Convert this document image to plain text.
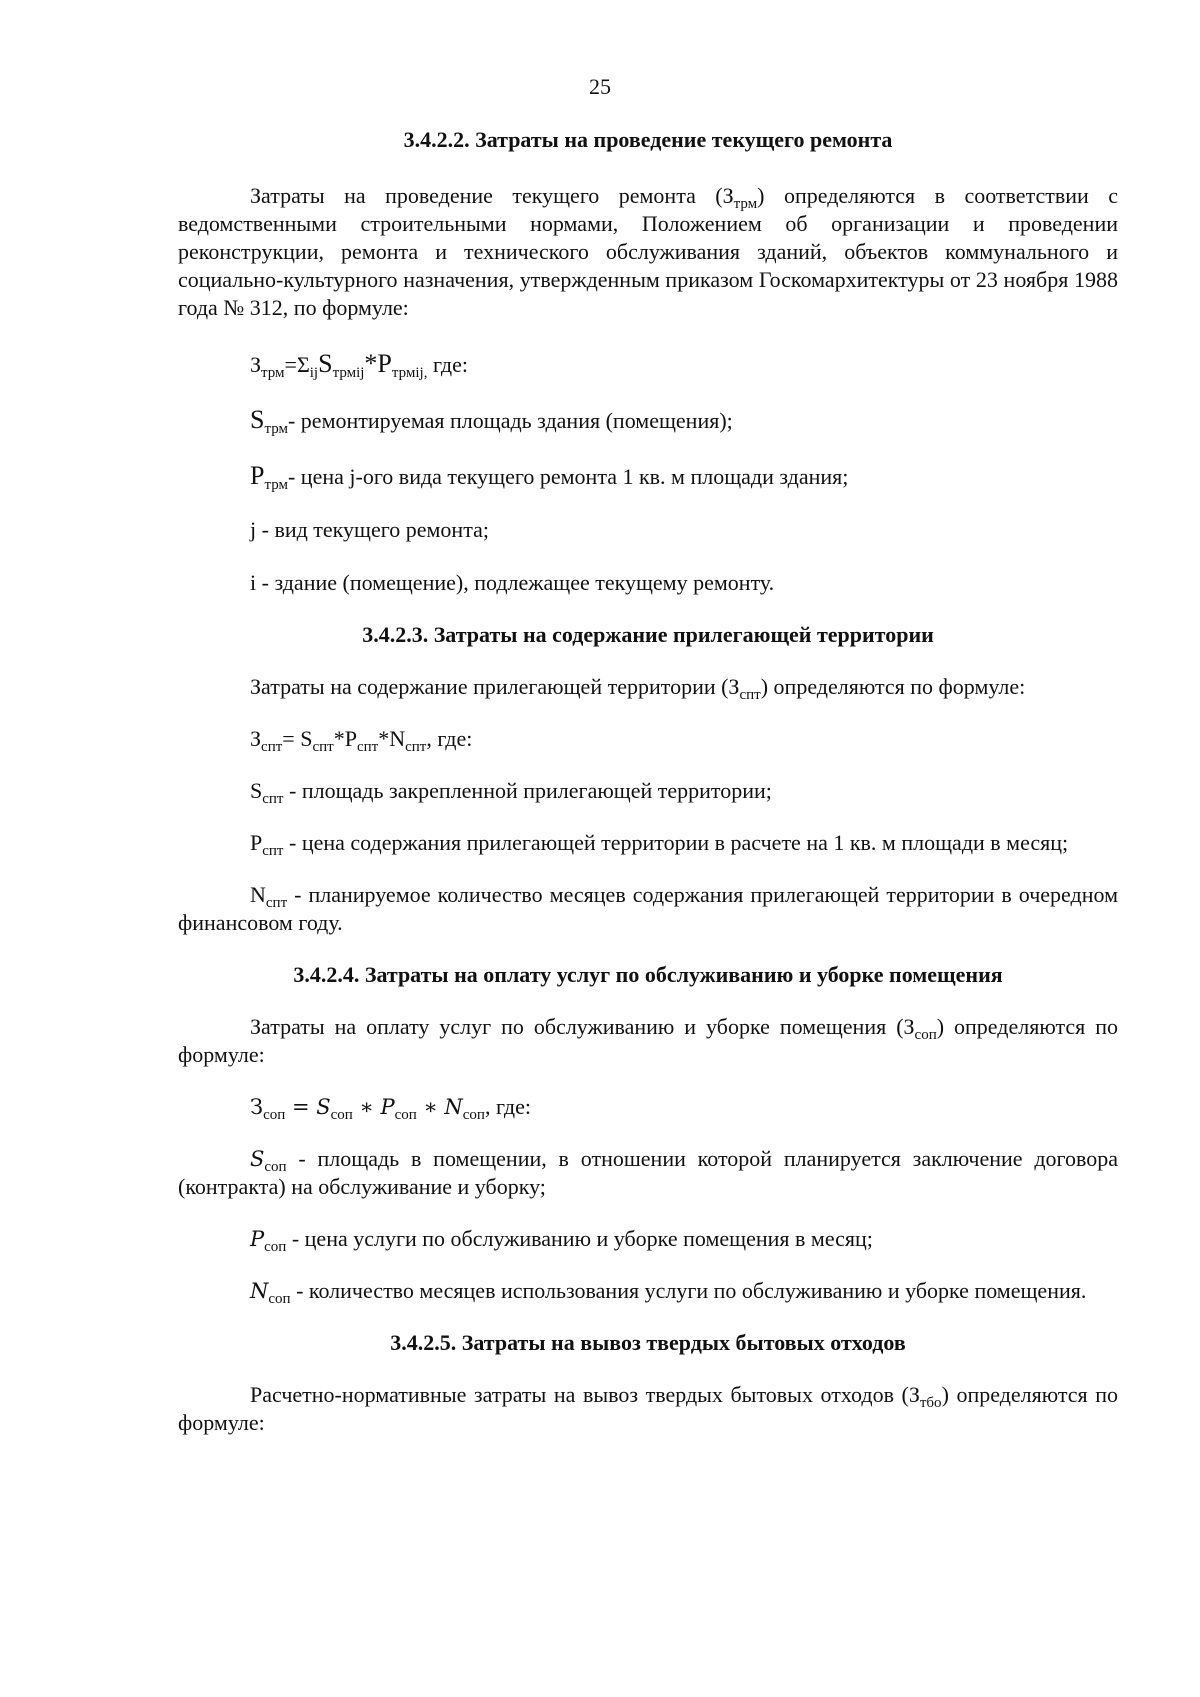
25

3.4.2.2. Затраты на проведение текущего ремонта

Затраты на проведение текущего ремонта $(З_{трм})$ определяются в соответствии с ведомственными строительными нормами, Положением об организации и проведении реконструкции, ремонта и технического обслуживания зданий, объектов коммунального и социально-культурного назначения, утвержденным приказом Госкомархитектуры от 23 ноября 1988 года № 312, по формуле:

$З_{трм}=\Sigma_{ij}S_{трмij}*P_{трмij,}$ где:

$S_{трм}-$ ремонтируемая площадь здания (помещения);

$P_{трм}-$ цена j-ого вида текущего ремонта 1 кв. м площади здания;

j - вид текущего ремонта;

i - здание (помещение), подлежащее текущему ремонту.

3.4.2.3. Затраты на содержание прилегающей территории

Затраты на содержание прилегающей территории $(З_{спт})$ определяются по формуле:

$З_{спт}= S_{спт}*P_{спт}*N_{спт}$, где:

$S_{спт}$ - площадь закрепленной прилегающей территории;

$P_{спт}$ - цена содержания прилегающей территории в расчете на 1 кв. м площади в месяц;

$N_{спт}$ - планируемое количество месяцев содержания прилегающей территории в очередном финансовом году.

3.4.2.4. Затраты на оплату услуг по обслуживанию и уборке помещения

Затраты на оплату услуг по обслуживанию и уборке помещения $(З_{соп})$ определяются по формуле:

$З_{соп} = S_{соп}$ ∗ $P_{соп}$ ∗ $N_{соп}$, где:

$S_{соп}$ - площадь в помещении, в отношении которой планируется заключение договора (контракта) на обслуживание и уборку;

$P_{соп}$ - цена услуги по обслуживанию и уборке помещения в месяц;

$N_{соп}$ - количество месяцев использования услуги по обслуживанию и уборке помещения.

3.4.2.5. Затраты на вывоз твердых бытовых отходов

Расчетно-нормативные затраты на вывоз твердых бытовых отходов $(З_{тбо})$ определяются по формуле:
